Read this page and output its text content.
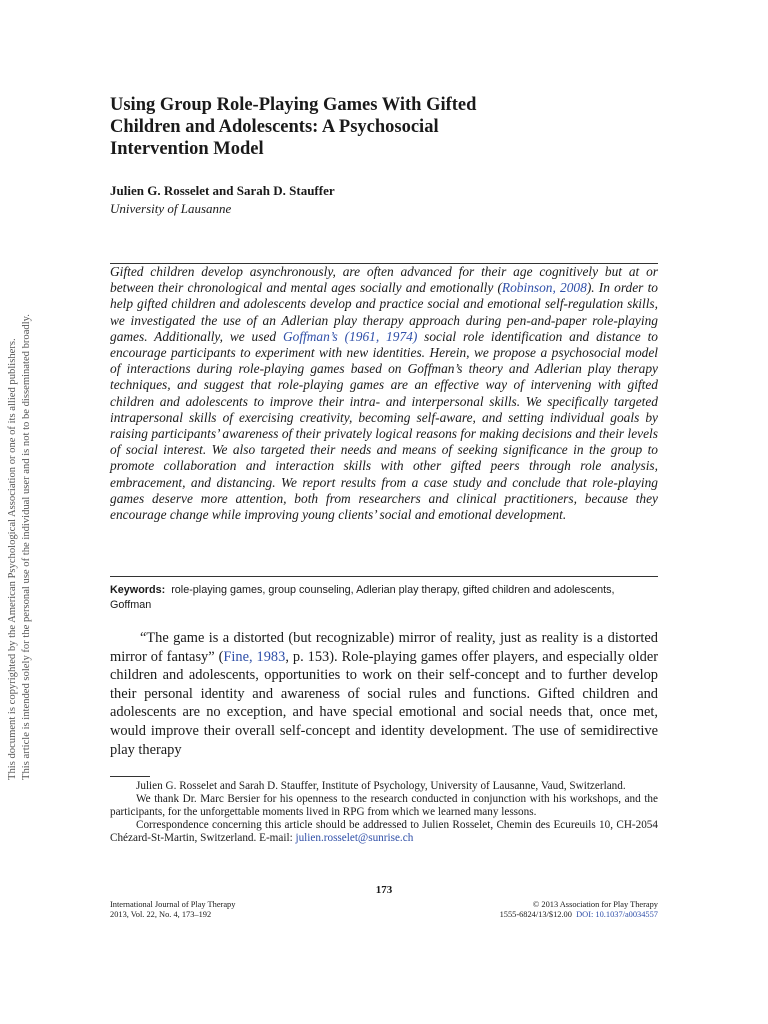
This document is copyrighted by the American Psychological Association or one of its allied publishers. This article is intended solely for the personal use of the individual user and is not to be disseminated broadly.
Using Group Role-Playing Games With Gifted
Children and Adolescents: A Psychosocial
Intervention Model
Julien G. Rosselet and Sarah D. Stauffer
University of Lausanne
Gifted children develop asynchronously, are often advanced for their age cognitively but at or between their chronological and mental ages socially and emotionally (Robinson, 2008). In order to help gifted children and adolescents develop and practice social and emotional self-regulation skills, we investigated the use of an Adlerian play therapy approach during pen-and-paper role-playing games. Additionally, we used Goffman’s (1961, 1974) social role identification and distance to encourage participants to experiment with new identities. Herein, we propose a psychosocial model of interactions during role-playing games based on Goffman’s theory and Adlerian play therapy techniques, and suggest that role-playing games are an effective way of intervening with gifted children and adolescents to improve their intra- and interpersonal skills. We specifically targeted intrapersonal skills of exercising creativity, becoming self-aware, and setting individual goals by raising participants’ awareness of their privately logical reasons for making decisions and their levels of social interest. We also targeted their needs and means of seeking significance in the group to promote collaboration and interaction skills with other gifted peers through role analysis, embracement, and distancing. We report results from a case study and conclude that role-playing games deserve more attention, both from researchers and clinical practitioners, because they encourage change while improving young clients’ social and emotional development.
Keywords: role-playing games, group counseling, Adlerian play therapy, gifted children and adolescents, Goffman
“The game is a distorted (but recognizable) mirror of reality, just as reality is a distorted mirror of fantasy” (Fine, 1983, p. 153). Role-playing games offer players, and especially older children and adolescents, opportunities to work on their self-concept and to further develop their personal identity and awareness of social rules and functions. Gifted children and adolescents are no exception, and have special emotional and social needs that, once met, would improve their overall self-concept and identity development. The use of semidirective play therapy

Julien G. Rosselet and Sarah D. Stauffer, Institute of Psychology, University of Lausanne, Vaud, Switzerland.

We thank Dr. Marc Bersier for his openness to the research conducted in conjunction with his workshops, and the participants, for the unforgettable moments lived in RPG from which we learned many lessons.

Correspondence concerning this article should be addressed to Julien Rosselet, Chemin des Ecureuils 10, CH-2054 Chézard-St-Martin, Switzerland. E-mail: julien.rosselet@sunrise.ch

173
International Journal of Play Therapy
2013, Vol. 22, No. 4, 173–192
© 2013 Association for Play Therapy
1555-6824/13/$12.00 DOI: 10.1037/a0034557
